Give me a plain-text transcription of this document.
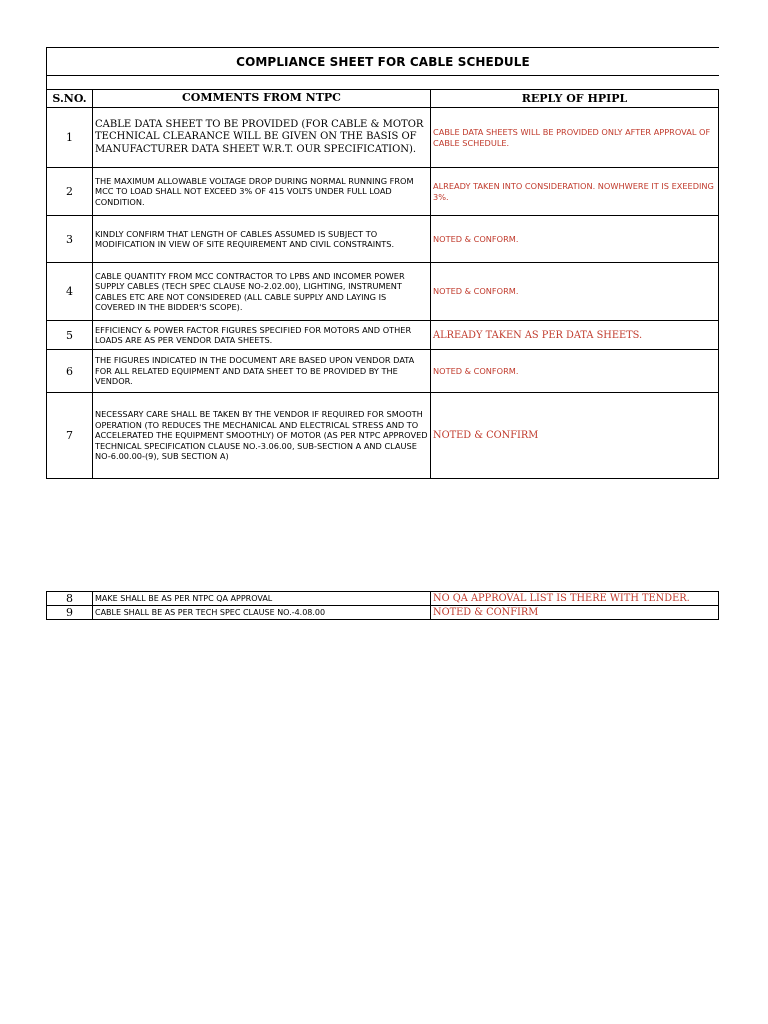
COMPLIANCE SHEET FOR CABLE SCHEDULE
S.NO.	COMMENTS FROM NTPC	REPLY OF HPIPL
1	CABLE DATA SHEET TO BE PROVIDED (FOR CABLE & MOTOR TECHNICAL CLEARANCE WILL BE GIVEN ON THE BASIS OF MANUFACTURER DATA SHEET W.R.T. OUR SPECIFICATION).	CABLE DATA SHEETS WILL BE PROVIDED ONLY AFTER APPROVAL OF CABLE SCHEDULE.
2	THE MAXIMUM ALLOWABLE VOLTAGE DROP DURING NORMAL RUNNING FROM MCC TO LOAD SHALL NOT EXCEED 3% OF 415 VOLTS UNDER FULL LOAD CONDITION.	ALREADY TAKEN INTO CONSIDERATION. NOWHWERE IT IS EXEEDING 3%.
3	KINDLY CONFIRM THAT LENGTH OF CABLES ASSUMED IS SUBJECT TO MODIFICATION IN VIEW OF SITE REQUIREMENT AND CIVIL CONSTRAINTS.	NOTED & CONFORM.
4	CABLE QUANTITY FROM MCC CONTRACTOR TO LPBS AND INCOMER POWER SUPPLY CABLES (TECH SPEC CLAUSE NO-2.02.00), LIGHTING, INSTRUMENT CABLES ETC ARE NOT CONSIDERED (ALL CABLE SUPPLY AND LAYING IS COVERED IN THE BIDDER'S SCOPE).	NOTED & CONFORM.
5	EFFICIENCY & POWER FACTOR FIGURES SPECIFIED FOR MOTORS AND OTHER LOADS ARE AS PER VENDOR DATA SHEETS.	ALREADY TAKEN AS PER DATA SHEETS.
6	THE FIGURES INDICATED IN THE DOCUMENT ARE BASED UPON VENDOR DATA FOR ALL RELATED EQUIPMENT AND DATA SHEET TO BE PROVIDED BY THE VENDOR.	NOTED & CONFORM.
7	NECESSARY CARE SHALL BE TAKEN BY THE VENDOR IF REQUIRED FOR SMOOTH OPERATION (TO REDUCES THE MECHANICAL AND ELECTRICAL STRESS AND TO ACCELERATED THE EQUIPMENT SMOOTHLY) OF MOTOR (AS PER NTPC APPROVED TECHNICAL SPECIFICATION CLAUSE NO.-3.06.00, SUB-SECTION A AND CLAUSE NO-6.00.00-(9), SUB SECTION A)	NOTED & CONFIRM
8	MAKE SHALL BE AS PER NTPC QA APPROVAL	NO QA APPROVAL LIST IS THERE WITH TENDER.
9	CABLE SHALL BE AS PER TECH SPEC CLAUSE NO.-4.08.00	NOTED & CONFIRM
